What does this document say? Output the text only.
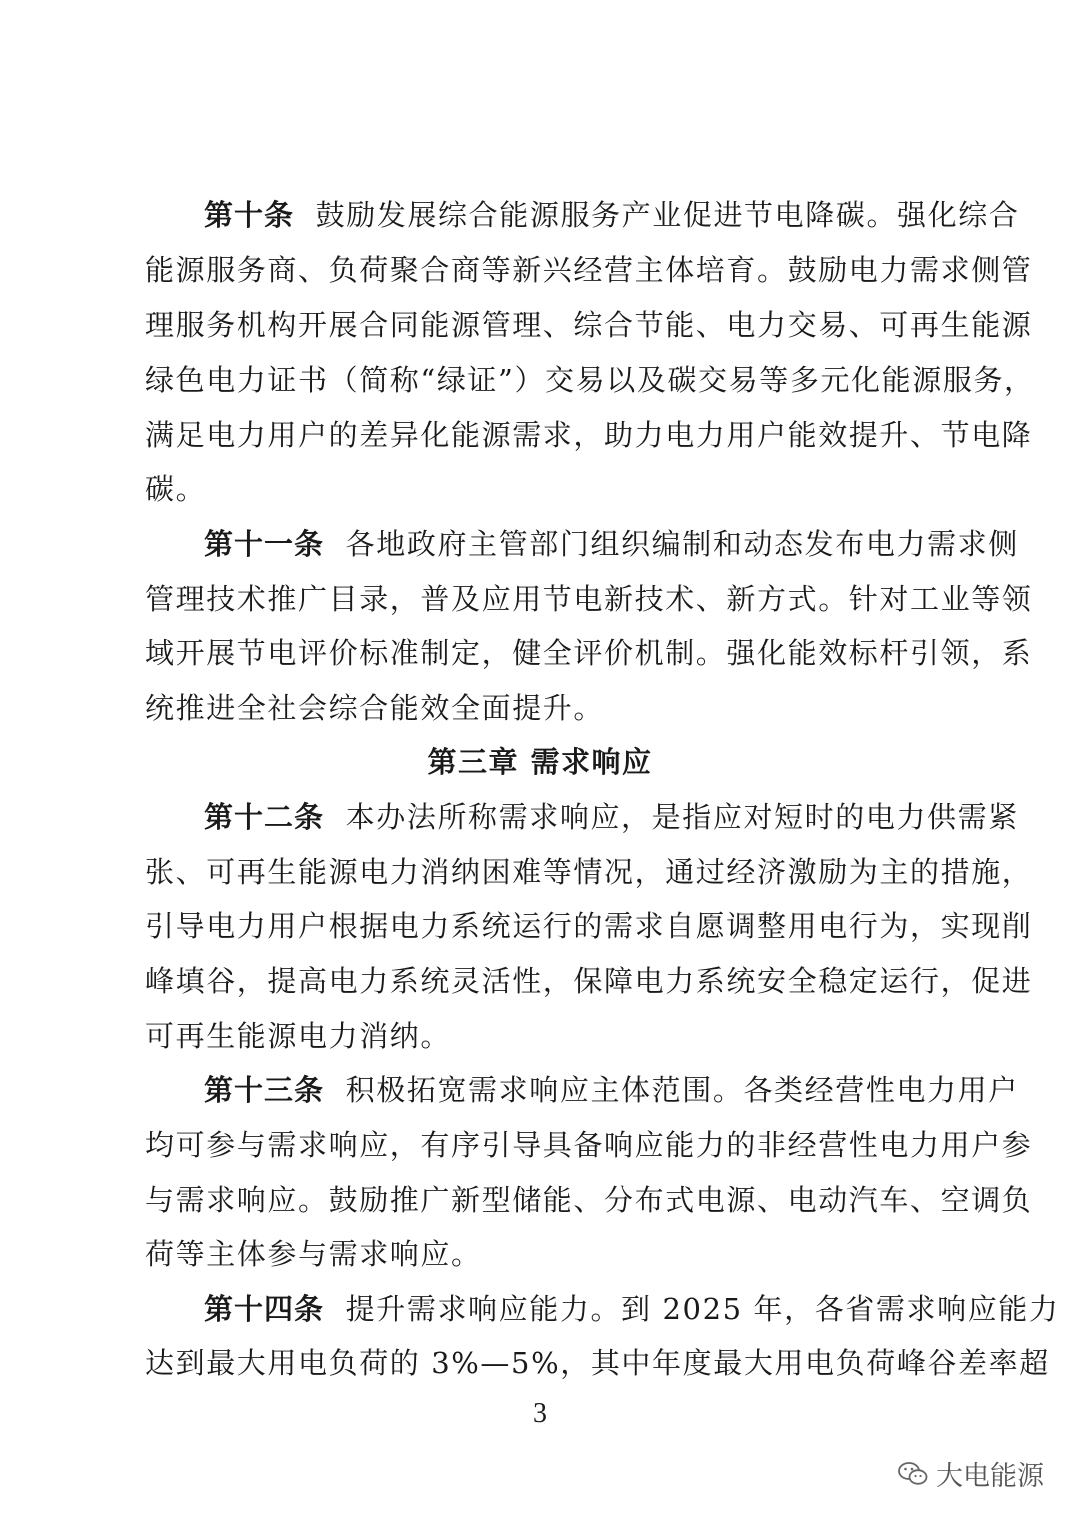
第十条 鼓励发展综合能源服务产业促进节电降碳。强化综合
能源服务商、负荷聚合商等新兴经营主体培育。鼓励电力需求侧管
理服务机构开展合同能源管理、综合节能、电力交易、可再生能源
绿色电力证书（简称“绿证”）交易以及碳交易等多元化能源服务，
满足电力用户的差异化能源需求，助力电力用户能效提升、节电降
碳。
第十一条 各地政府主管部门组织编制和动态发布电力需求侧
管理技术推广目录，普及应用节电新技术、新方式。针对工业等领
域开展节电评价标准制定，健全评价机制。强化能效标杆引领，系
统推进全社会综合能效全面提升。
第三章 需求响应
第十二条 本办法所称需求响应，是指应对短时的电力供需紧
张、可再生能源电力消纳困难等情况，通过经济激励为主的措施，
引导电力用户根据电力系统运行的需求自愿调整用电行为，实现削
峰填谷，提高电力系统灵活性，保障电力系统安全稳定运行，促进
可再生能源电力消纳。
第十三条 积极拓宽需求响应主体范围。各类经营性电力用户
均可参与需求响应，有序引导具备响应能力的非经营性电力用户参
与需求响应。鼓励推广新型储能、分布式电源、电动汽车、空调负
荷等主体参与需求响应。
第十四条 提升需求响应能力。到 2025 年，各省需求响应能力
达到最大用电负荷的 3%—5%，其中年度最大用电负荷峰谷差率超
3
大电能源
